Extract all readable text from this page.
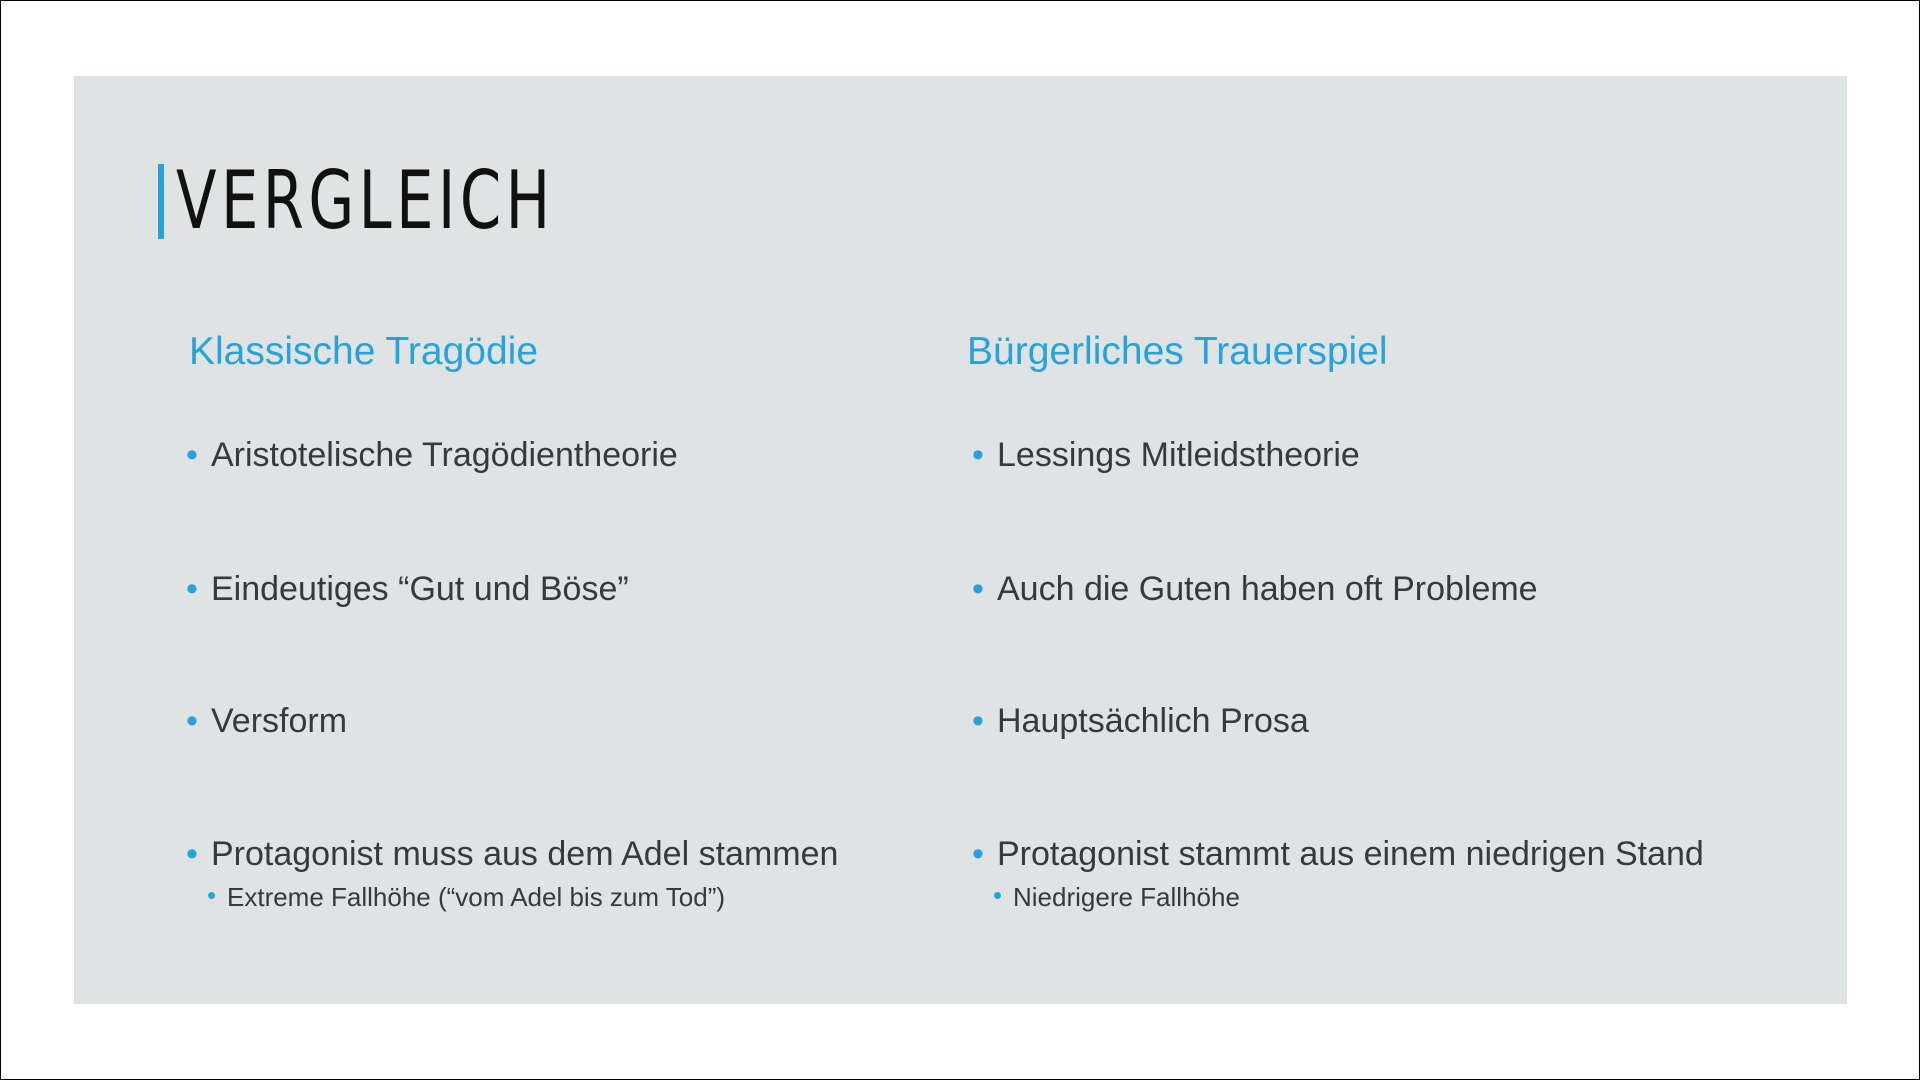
VERGLEICH
Klassische Tragödie
• Aristotelische Tragödientheorie
• Eindeutiges “Gut und Böse”
• Versform
• Protagonist muss aus dem Adel stammen
• Extreme Fallhöhe (“vom Adel bis zum Tod”)
Bürgerliches Trauerspiel
• Lessings Mitleidstheorie
• Auch die Guten haben oft Probleme
• Hauptsächlich Prosa
• Protagonist stammt aus einem niedrigen Stand
• Niedrigere Fallhöhe
